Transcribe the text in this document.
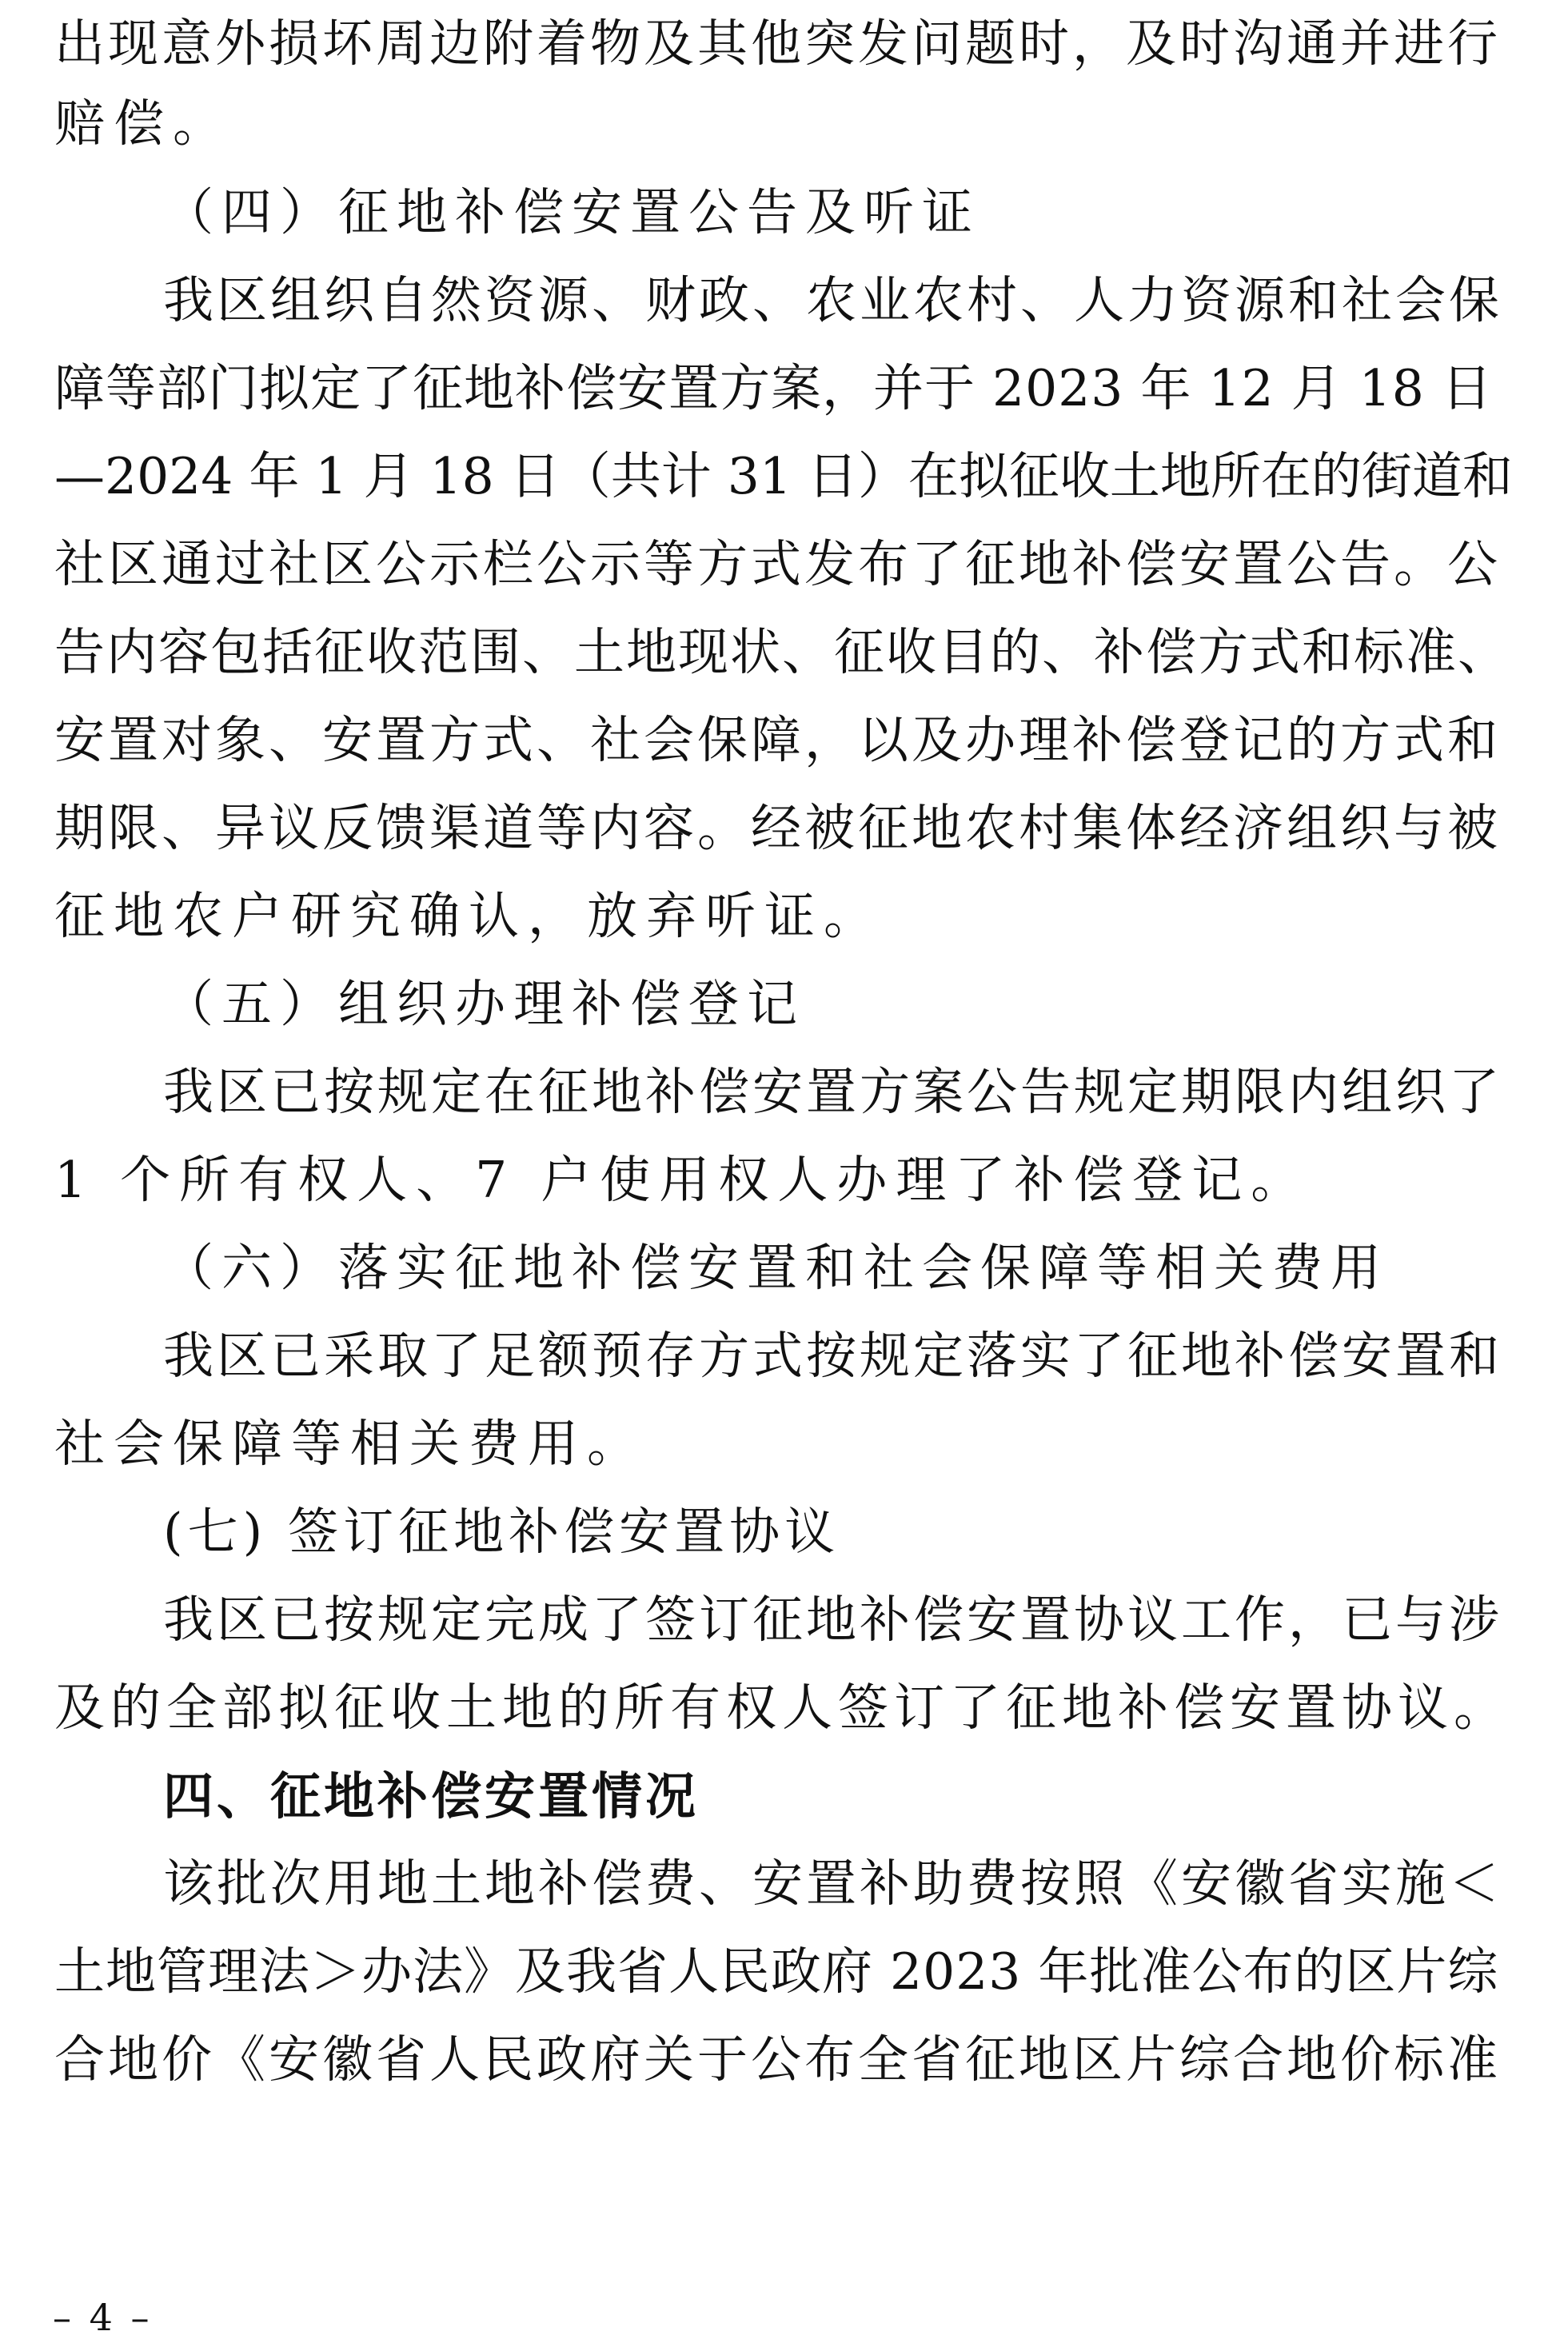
出现意外损坏周边附着物及其他突发问题时，及时沟通并进行
赔偿。
（四）征地补偿安置公告及听证
我区组织自然资源、财政、农业农村、人力资源和社会保
障等部门拟定了征地补偿安置方案，并于 2023 年 12 月 18 日
—2024 年 1 月 18 日（共计 31 日）在拟征收土地所在的街道和
社区通过社区公示栏公示等方式发布了征地补偿安置公告。公
告内容包括征收范围、土地现状、征收目的、补偿方式和标准、
安置对象、安置方式、社会保障，以及办理补偿登记的方式和
期限、异议反馈渠道等内容。经被征地农村集体经济组织与被
征地农户研究确认，放弃听证。
（五）组织办理补偿登记
我区已按规定在征地补偿安置方案公告规定期限内组织了
1 个所有权人、7 户使用权人办理了补偿登记。
（六）落实征地补偿安置和社会保障等相关费用
我区已采取了足额预存方式按规定落实了征地补偿安置和
社会保障等相关费用。
(七) 签订征地补偿安置协议
我区已按规定完成了签订征地补偿安置协议工作，已与涉
及的全部拟征收土地的所有权人签订了征地补偿安置协议。
四、征地补偿安置情况
该批次用地土地补偿费、安置补助费按照《安徽省实施＜
土地管理法＞办法》及我省人民政府 2023 年批准公布的区片综
合地价《安徽省人民政府关于公布全省征地区片综合地价标准
– 4 –
